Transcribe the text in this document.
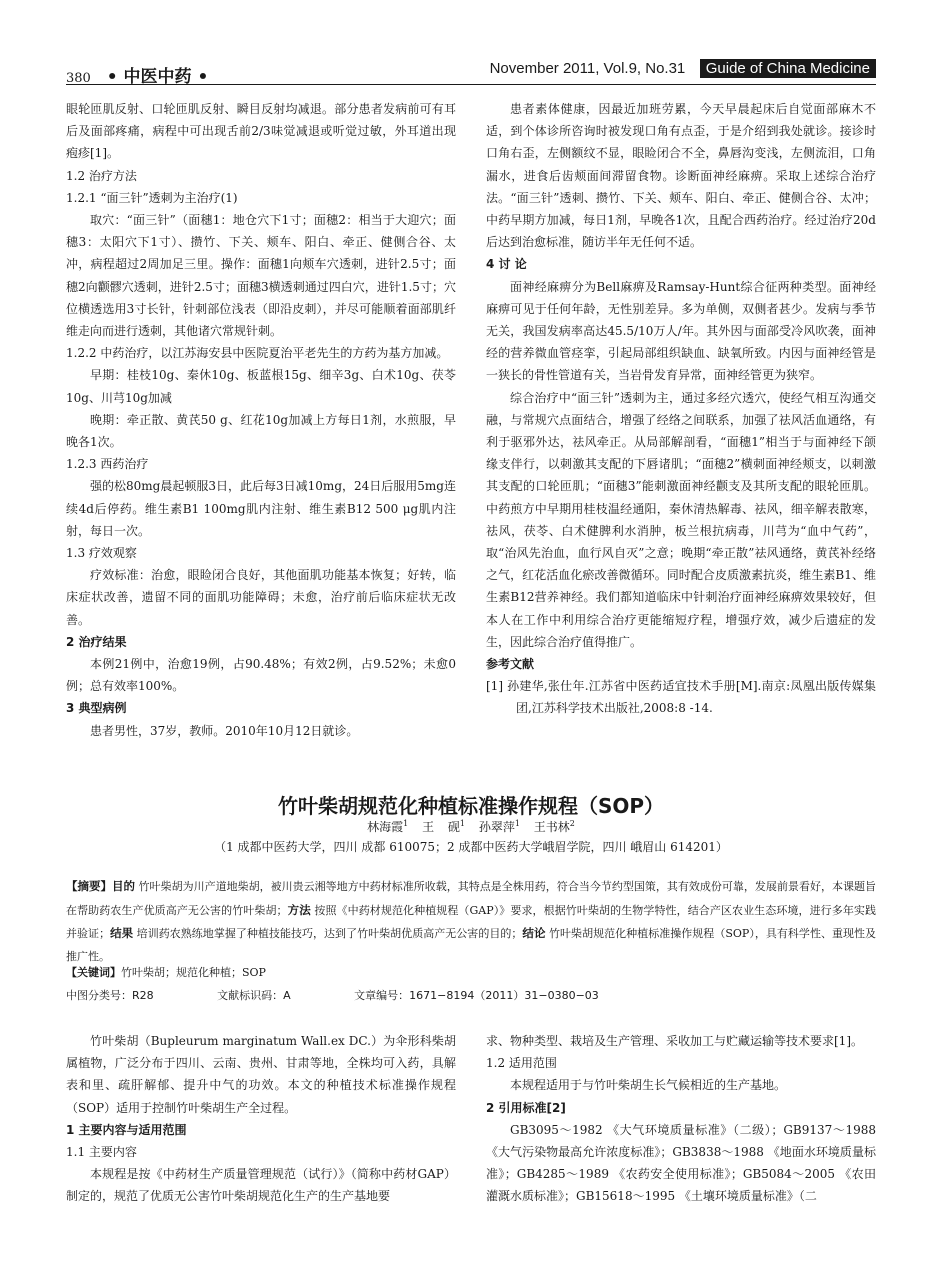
380 • 中医中药 •	November 2011, Vol.9, No.31 Guide of China Medicine

眼轮匝肌反射、口轮匝肌反射、瞬目反射均减退。部分患者发病前可有耳后及面部疼痛，病程中可出现舌前2/3味觉减退或听觉过敏，外耳道出现疱疹[1]。

1.2 治疗方法

1.2.1 “面三针”透刺为主治疗(1)

取穴：“面三针”（面穗1：地仓穴下1寸；面穗2：相当于大迎穴；面穗3：太阳穴下1寸）、攒竹、下关、颊车、阳白、牵正、健侧合谷、太冲，病程超过2周加足三里。操作：面穗1向颊车穴透刺，进针2.5寸；面穗2向颧髎穴透刺，进针2.5寸；面穗3横透刺通过四白穴，进针1.5寸；穴位横透选用3寸长针，针刺部位浅表（即沿皮刺），并尽可能顺着面部肌纤维走向而进行透刺，其他诸穴常规针刺。

1.2.2 中药治疗，以江苏海安县中医院夏治平老先生的方药为基方加减。

早期：桂枝10g、秦休10g、板蓝根15g、细辛3g、白术10g、茯苓10g、川芎10g加减

晚期：牵正散、黄芪50 g、红花10g加减上方每日1剂，水煎服，早晚各1次。

1.2.3 西药治疗

强的松80mg晨起顿服3日，此后每3日减10mg，24日后服用5mg连续4d后停药。维生素B1 100mg肌内注射、维生素B12 500 μg肌内注射，每日一次。

1.3 疗效观察

疗效标准：治愈，眼睑闭合良好，其他面肌功能基本恢复；好转，临床症状改善，遗留不同的面肌功能障碍；未愈，治疗前后临床症状无改善。

2 治疗结果

本例21例中，治愈19例，占90.48%；有效2例，占9.52%；未愈0例；总有效率100%。

3 典型病例

患者男性，37岁，教师。2010年10月12日就诊。

患者素体健康，因最近加班劳累，今天早晨起床后自觉面部麻木不适，到个体诊所咨询时被发现口角有点歪，于是介绍到我处就诊。接诊时口角右歪，左侧额纹不显，眼睑闭合不全，鼻唇沟变浅，左侧流泪，口角漏水，进食后齿颊面间滞留食物。诊断面神经麻痹。采取上述综合治疗法。“面三针”透刺、攒竹、下关、颊车、阳白、牵正、健侧合谷、太冲；中药早期方加减，每日1剂，早晚各1次，且配合西药治疗。经过治疗20d后达到治愈标准，随访半年无任何不适。

4 讨 论

面神经麻痹分为Bell麻痹及Ramsay-Hunt综合征两种类型。面神经麻痹可见于任何年龄，无性别差异。多为单侧，双侧者甚少。发病与季节无关，我国发病率高达45.5/10万人/年。其外因与面部受冷风吹袭，面神经的营养微血管痉挛，引起局部组织缺血、缺氧所致。内因与面神经管是一狭长的骨性管道有关，当岩骨发育异常，面神经管更为狭窄。

综合治疗中“面三针”透刺为主，通过多经穴透穴，使经气相互沟通交融，与常规穴点面结合，增强了经络之间联系，加强了祛风活血通络，有利于驱邪外达，祛风牵正。从局部解剖看，“面穗1”相当于与面神经下颌缘支伴行，以刺激其支配的下唇诸肌；“面穗2”横刺面神经颊支，以刺激其支配的口轮匝肌；“面穗3”能刺激面神经颧支及其所支配的眼轮匝肌。中药煎方中早期用桂枝温经通阳，秦休清热解毒、祛风，细辛解表散寒，祛风，茯苓、白术健脾利水消肿，板兰根抗病毒，川芎为“血中气药”，取“治风先治血，血行风自灭”之意；晚期“牵正散”祛风通络，黄芪补经络之气，红花活血化瘀改善微循环。同时配合皮质激素抗炎，维生素B1、维生素B12营养神经。我们都知道临床中针刺治疗面神经麻痹效果较好，但本人在工作中利用综合治疗更能缩短疗程，增强疗效，减少后遗症的发生，因此综合治疗值得推广。

参考文献

[1] 孙建华,张仕年.江苏省中医药适宜技术手册[M].南京:凤凰出版传媒集团,江苏科学技术出版社,2008:8 -14.

竹叶柴胡规范化种植标准操作规程（SOP）
林海霞$^1$ 王 砚$^1$ 孙翠萍$^1$ 王书林$^2$
（1 成都中医药大学，四川 成都 610075；2 成都中医药大学峨眉学院，四川 峨眉山 614201）
【摘要】目的 竹叶柴胡为川产道地柴胡，被川贵云湘等地方中药材标准所收载，其特点是全株用药，符合当今节约型国策，其有效成份可靠，发展前景看好，本课题旨在帮助药农生产优质高产无公害的竹叶柴胡；方法 按照《中药材规范化种植规程（GAP）》要求，根据竹叶柴胡的生物学特性，结合产区农业生态环境，进行多年实践并验证；结果 培训药农熟练地掌握了种植技能技巧，达到了竹叶柴胡优质高产无公害的目的；结论 竹叶柴胡规范化种植标准操作规程（SOP），具有科学性、重现性及推广性。
【关键词】竹叶柴胡；规范化种植；SOP
中图分类号：R28	文献标识码：A	文章编号：1671−8194（2011）31−0380−03

竹叶柴胡（Bupleurum marginatum Wall.ex DC.）为伞形科柴胡属植物，广泛分布于四川、云南、贵州、甘肃等地，全株均可入药，具解表和里、疏肝解郁、提升中气的功效。本文的种植技术标准操作规程（SOP）适用于控制竹叶柴胡生产全过程。

1 主要内容与适用范围

1.1 主要内容

本规程是按《中药材生产质量管理规范（试行）》（简称中药材GAP）制定的，规范了优质无公害竹叶柴胡规范化生产的生产基地要

求、物种类型、栽培及生产管理、采收加工与贮藏运输等技术要求[1]。

1.2 适用范围

本规程适用于与竹叶柴胡生长气候相近的生产基地。

2 引用标准[2]

GB3095～1982 《大气环境质量标准》（二级）；GB9137～1988 《大气污染物最高允许浓度标准》；GB3838～1988 《地面水环境质量标准》；GB4285～1989 《农药安全使用标准》；GB5084～2005 《农田灌溉水质标准》；GB15618～1995 《土壤环境质量标准》（二
